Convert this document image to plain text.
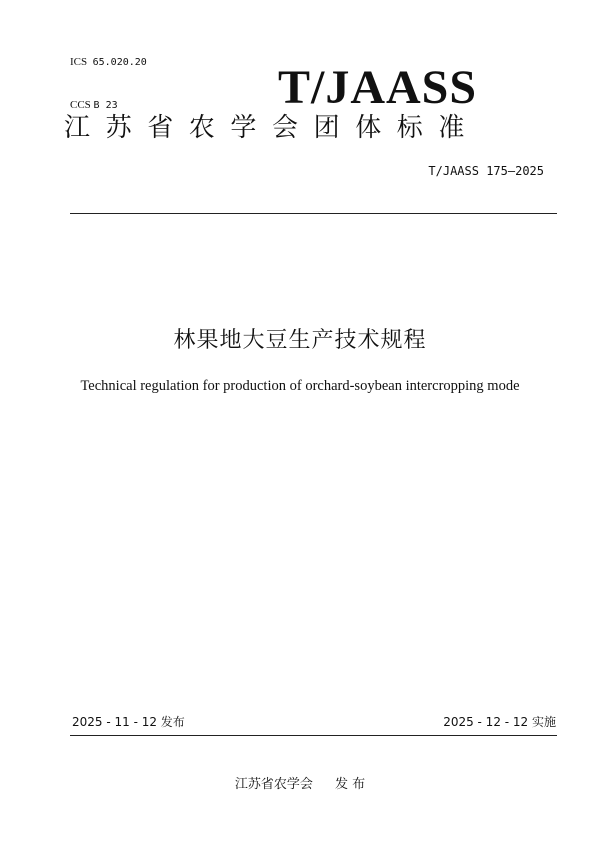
ICS 65.020.20

CCS B 23	T/JAASS
江苏省农学会团体标准
T/JAASS 175—2025
林果地大豆生产技术规程
Technical regulation for production of orchard-soybean intercropping mode
2025 - 11 - 12 发布	2025 - 12 - 12 实施
江苏省农学会 发 布
